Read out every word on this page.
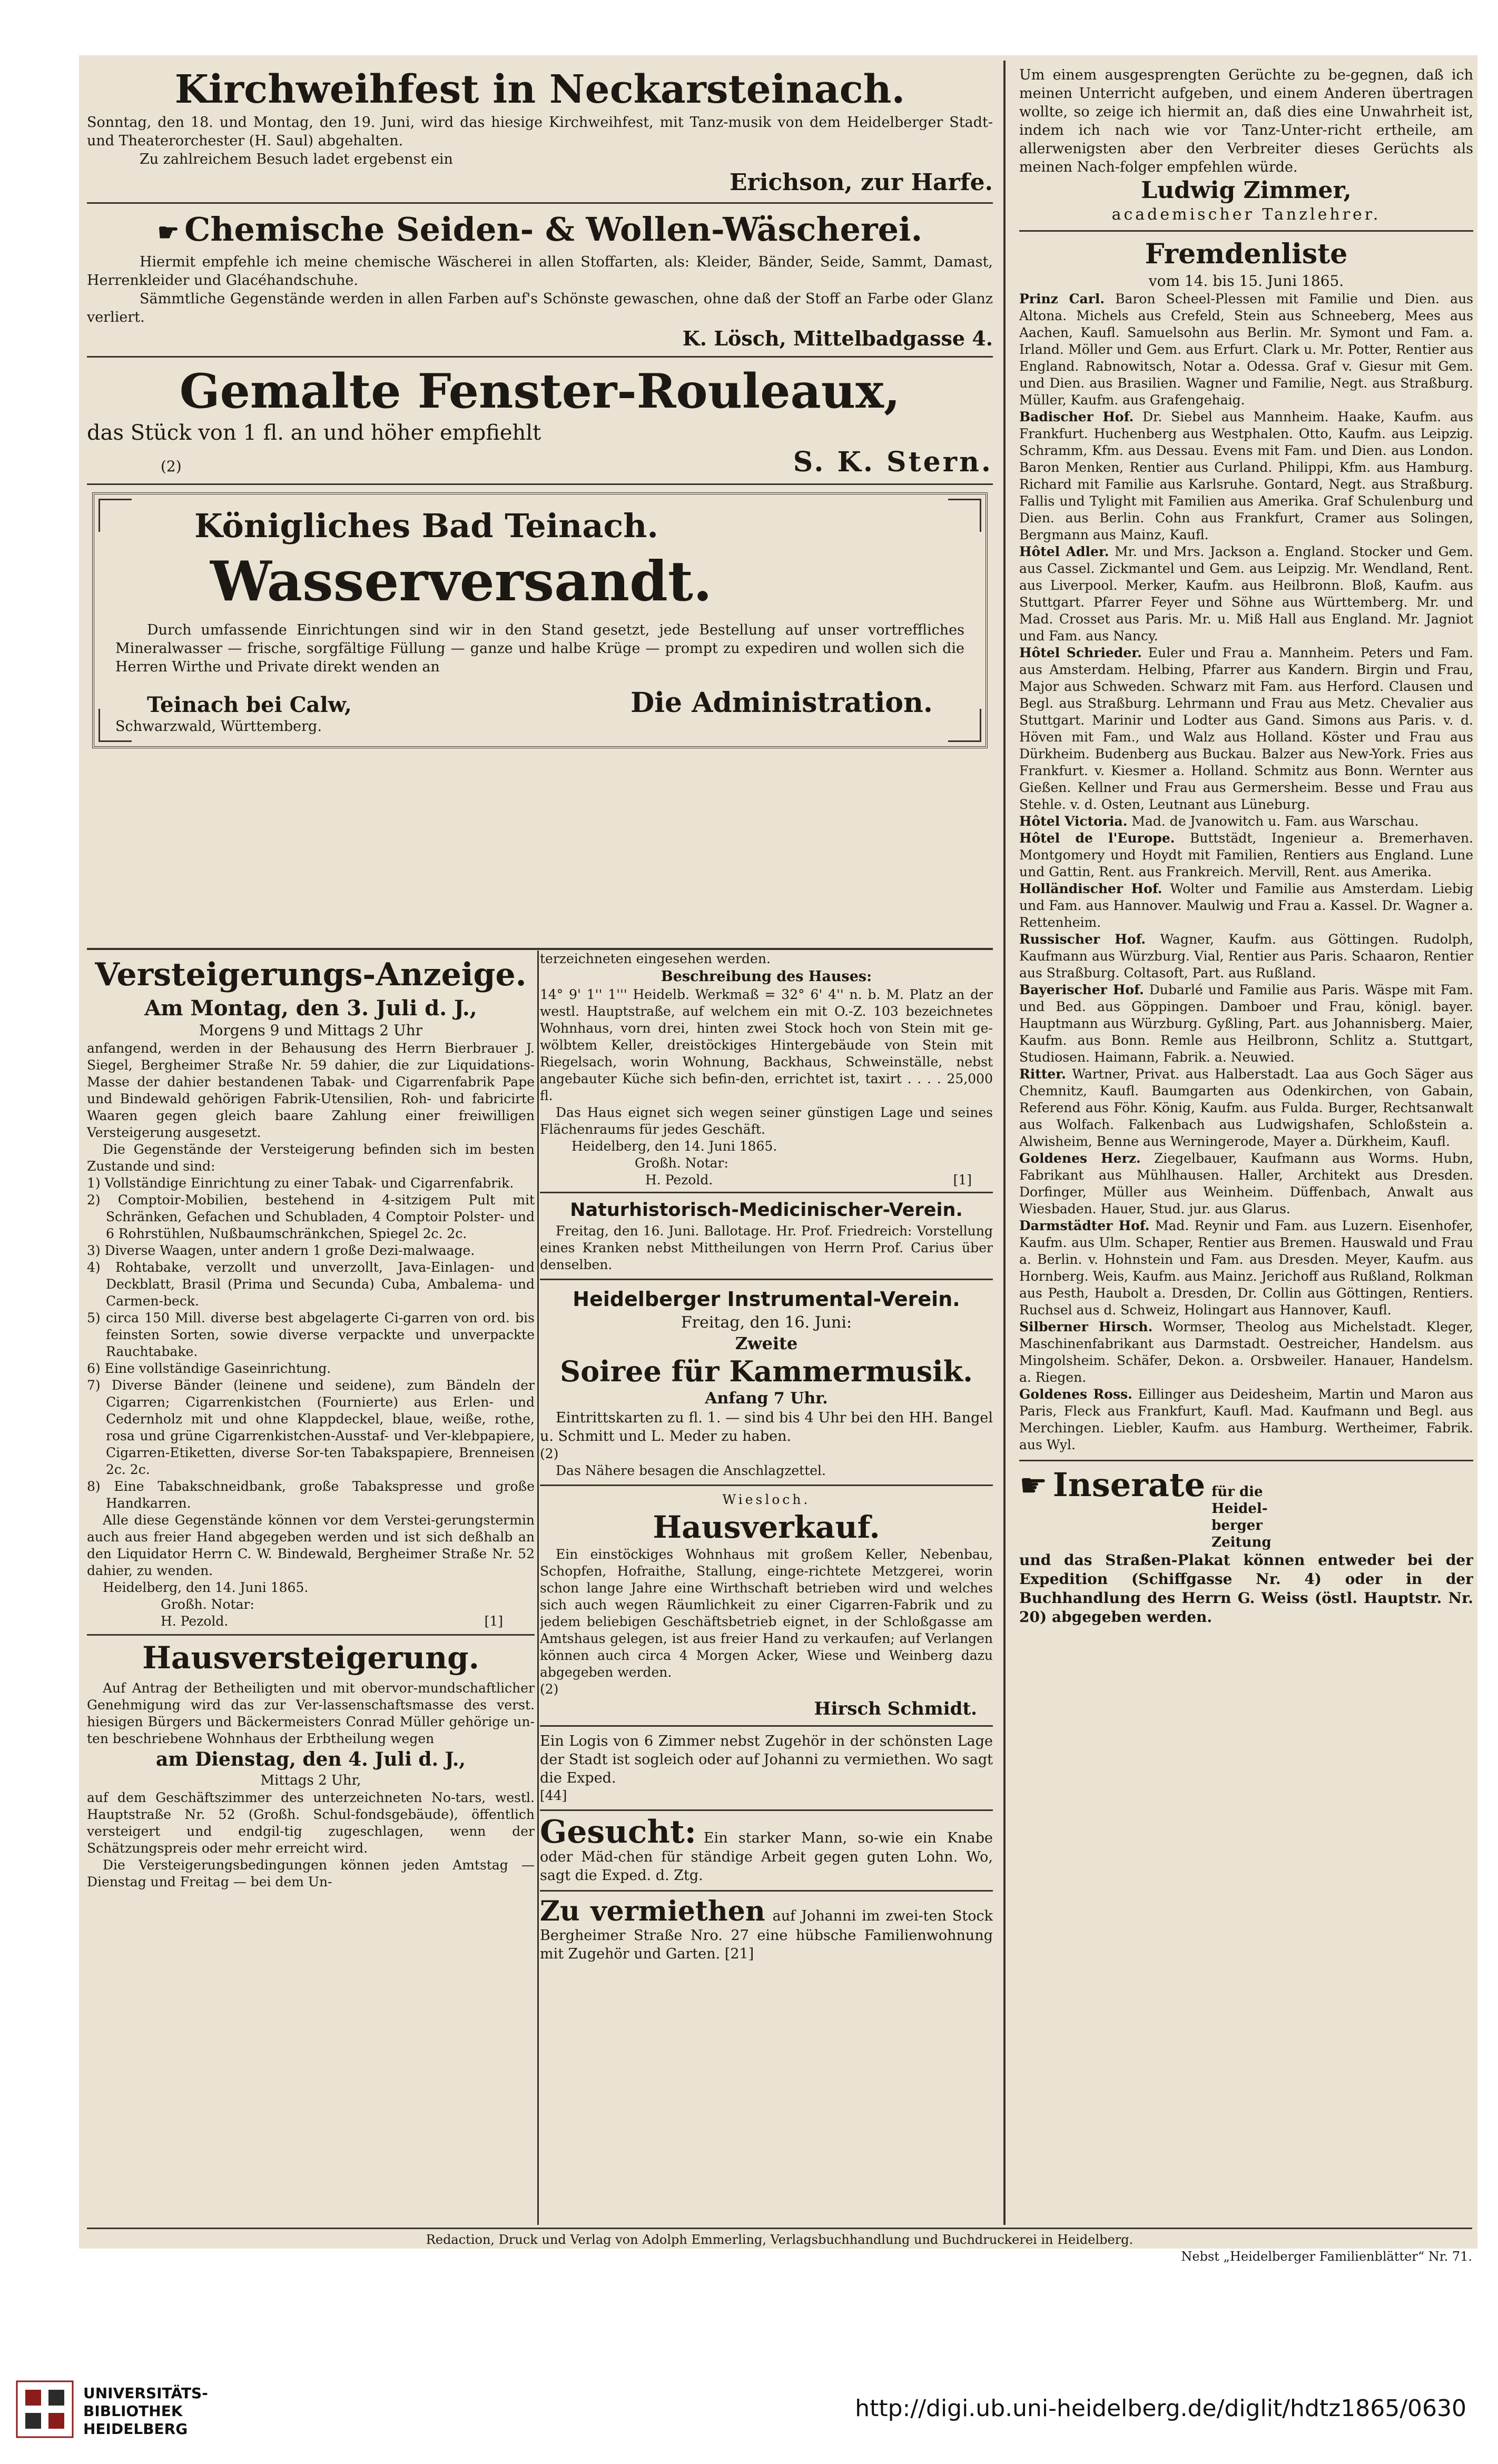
Kirchweihfest in Neckarsteinach.

Sonntag, den 18. und Montag, den 19. Juni, wird das hiesige Kirchweihfest, mit Tanz-musik von dem Heidelberger Stadt- und Theaterorchester (H. Saul) abgehalten.

Zu zahlreichem Besuch ladet ergebenst ein

Erichson, zur Harfe.

☛ Chemische Seiden- & Wollen-Wäscherei.

Hiermit empfehle ich meine chemische Wäscherei in allen Stoffarten, als: Kleider, Bänder, Seide, Sammt, Damast, Herrenkleider und Glacéhandschuhe.

Sämmtliche Gegenstände werden in allen Farben auf's Schönste gewaschen, ohne daß der Stoff an Farbe oder Glanz verliert.

K. Lösch, Mittelbadgasse 4.

Gemalte Fenster-Rouleaux,

das Stück von 1 fl. an und höher empfiehlt

(2)	S. K. Stern.
Königliches Bad Teinach.
Wasserversandt.

Durch umfassende Einrichtungen sind wir in den Stand gesetzt, jede Bestellung auf unser vortreffliches Mineralwasser — frische, sorgfältige Füllung — ganze und halbe Krüge — prompt zu expediren und wollen sich die Herren Wirthe und Private direkt wenden an

Teinach bei Calw,

Schwarzwald, Württemberg.

Die Administration.
Versteigerungs-Anzeige.

Am Montag, den 3. Juli d. J.,

Morgens 9 und Mittags 2 Uhr

anfangend, werden in der Behausung des Herrn Bierbrauer J. Siegel, Bergheimer Straße Nr. 59 dahier, die zur Liquidations-Masse der dahier bestandenen Tabak- und Cigarrenfabrik Pape und Bindewald gehörigen Fabrik-Utensilien, Roh- und fabricirte Waaren gegen gleich baare Zahlung einer freiwilligen Versteigerung ausgesetzt.

Die Gegenstände der Versteigerung befinden sich im besten Zustande und sind:

1) Vollständige Einrichtung zu einer Tabak- und Cigarrenfabrik.
2) Comptoir-Mobilien, bestehend in 4-sitzigem Pult mit Schränken, Gefachen und Schubladen, 4 Comptoir Polster- und 6 Rohrstühlen, Nußbaumschränkchen, Spiegel 2c. 2c.
3) Diverse Waagen, unter andern 1 große Dezi-malwaage.
4) Rohtabake, verzollt und unverzollt, Java-Einlagen- und Deckblatt, Brasil (Prima und Secunda) Cuba, Ambalema- und Carmen-beck.
5) circa 150 Mill. diverse best abgelagerte Ci-garren von ord. bis feinsten Sorten, sowie diverse verpackte und unverpackte Rauchtabake.
6) Eine vollständige Gaseinrichtung.
7) Diverse Bänder (leinene und seidene), zum Bändeln der Cigarren; Cigarrenkistchen (Fournierte) aus Erlen- und Cedernholz mit und ohne Klappdeckel, blaue, weiße, rothe, rosa und grüne Cigarrenkistchen-Ausstaf- und Ver-klebpapiere, Cigarren-Etiketten, diverse Sor-ten Tabakspapiere, Brenneisen 2c. 2c.
8) Eine Tabakschneidbank, große Tabakspresse und große Handkarren.

Alle diese Gegenstände können vor dem Verstei-gerungstermin auch aus freier Hand abgegeben werden und ist sich deßhalb an den Liquidator Herrn C. W. Bindewald, Bergheimer Straße Nr. 52 dahier, zu wenden.

Heidelberg, den 14. Juni 1865.

Großh. Notar:

H. Pezold.	[1]
Hausversteigerung.

Auf Antrag der Betheiligten und mit obervor-mundschaftlicher Genehmigung wird das zur Ver-lassenschaftsmasse des verst. hiesigen Bürgers und Bäckermeisters Conrad Müller gehörige un-ten beschriebene Wohnhaus der Erbtheilung wegen

am Dienstag, den 4. Juli d. J.,

Mittags 2 Uhr,

auf dem Geschäftszimmer des unterzeichneten No-tars, westl. Hauptstraße Nr. 52 (Großh. Schul-fondsgebäude), öffentlich versteigert und endgil-tig zugeschlagen, wenn der Schätzungspreis oder mehr erreicht wird.

Die Versteigerungsbedingungen können jeden Amtstag — Dienstag und Freitag — bei dem Un-

terzeichneten eingesehen werden.

Beschreibung des Hauses:

14° 9' 1'' 1''' Heidelb. Werkmaß = 32° 6' 4'' n. b. M. Platz an der westl. Hauptstraße, auf welchem ein mit O.-Z. 103 bezeichnetes Wohnhaus, vorn drei, hinten zwei Stock hoch von Stein mit ge-wölbtem Keller, dreistöckiges Hintergebäude von Stein mit Riegelsach, worin Wohnung, Backhaus, Schweinställe, nebst angebauter Küche sich befin-den, errichtet ist, taxirt . . . . 25,000 fl.

Das Haus eignet sich wegen seiner günstigen Lage und seines Flächenraums für jedes Geschäft.

Heidelberg, den 14. Juni 1865.

Großh. Notar:

H. Pezold.	[1]
Naturhistorisch-Medicinischer-Verein.

Freitag, den 16. Juni. Ballotage. Hr. Prof. Friedreich: Vorstellung eines Kranken nebst Mittheilungen von Herrn Prof. Carius über denselben.

Heidelberger Instrumental-Verein.

Freitag, den 16. Juni:

Zweite

Soiree für Kammermusik.

Anfang 7 Uhr.

Eintrittskarten zu fl. 1. — sind bis 4 Uhr bei den HH. Bangel u. Schmitt und L. Meder zu haben.

(2)

Das Nähere besagen die Anschlagzettel.

Wiesloch.

Hausverkauf.

Ein einstöckiges Wohnhaus mit großem Keller, Nebenbau, Schopfen, Hofraithe, Stallung, einge-richtete Metzgerei, worin schon lange Jahre eine Wirthschaft betrieben wird und welches sich auch wegen Räumlichkeit zu einer Cigarren-Fabrik und zu jedem beliebigen Geschäftsbetrieb eignet, in der Schloßgasse am Amtshaus gelegen, ist aus freier Hand zu verkaufen; auf Verlangen können auch circa 4 Morgen Acker, Wiese und Weinberg dazu abgegeben werden.

(2)

Hirsch Schmidt.

Ein Logis von 6 Zimmer nebst Zugehör in der schönsten Lage der Stadt ist sogleich oder auf Johanni zu vermiethen. Wo sagt die Exped.

[44]

Gesucht: Ein starker Mann, so-wie ein Knabe oder Mäd-chen für ständige Arbeit gegen guten Lohn. Wo, sagt die Exped. d. Ztg.

Zu vermiethen auf Johanni im zwei-ten Stock Bergheimer Straße Nro. 27 eine hübsche Familienwohnung mit Zugehör und Garten. [21]

Um einem ausgesprengten Gerüchte zu be-gegnen, daß ich meinen Unterricht aufgeben, und einem Anderen übertragen wollte, so zeige ich hiermit an, daß dies eine Unwahrheit ist, indem ich nach wie vor Tanz-Unter-richt ertheile, am allerwenigsten aber den Verbreiter dieses Gerüchts als meinen Nach-folger empfehlen würde.

Ludwig Zimmer,

academischer Tanzlehrer.

Fremdenliste

vom 14. bis 15. Juni 1865.

Prinz Carl. Baron Scheel-Plessen mit Familie und Dien. aus Altona. Michels aus Crefeld, Stein aus Schneeberg, Mees aus Aachen, Kaufl. Samuelsohn aus Berlin. Mr. Symont und Fam. a. Irland. Möller und Gem. aus Erfurt. Clark u. Mr. Potter, Rentier aus England. Rabnowitsch, Notar a. Odessa. Graf v. Giesur mit Gem. und Dien. aus Brasilien. Wagner und Familie, Negt. aus Straßburg. Müller, Kaufm. aus Grafengehaig.

Badischer Hof. Dr. Siebel aus Mannheim. Haake, Kaufm. aus Frankfurt. Huchenberg aus Westphalen. Otto, Kaufm. aus Leipzig. Schramm, Kfm. aus Dessau. Evens mit Fam. und Dien. aus London. Baron Menken, Rentier aus Curland. Philippi, Kfm. aus Hamburg. Richard mit Familie aus Karlsruhe. Gontard, Negt. aus Straßburg. Fallis und Tylight mit Familien aus Amerika. Graf Schulenburg und Dien. aus Berlin. Cohn aus Frankfurt, Cramer aus Solingen, Bergmann aus Mainz, Kaufl.

Hôtel Adler. Mr. und Mrs. Jackson a. England. Stocker und Gem. aus Cassel. Zickmantel und Gem. aus Leipzig. Mr. Wendland, Rent. aus Liverpool. Merker, Kaufm. aus Heilbronn. Bloß, Kaufm. aus Stuttgart. Pfarrer Feyer und Söhne aus Württemberg. Mr. und Mad. Crosset aus Paris. Mr. u. Miß Hall aus England. Mr. Jagniot und Fam. aus Nancy.

Hôtel Schrieder. Euler und Frau a. Mannheim. Peters und Fam. aus Amsterdam. Helbing, Pfarrer aus Kandern. Birgin und Frau, Major aus Schweden. Schwarz mit Fam. aus Herford. Clausen und Begl. aus Straßburg. Lehrmann und Frau aus Metz. Chevalier aus Stuttgart. Marinir und Lodter aus Gand. Simons aus Paris. v. d. Höven mit Fam., und Walz aus Holland. Köster und Frau aus Dürkheim. Budenberg aus Buckau. Balzer aus New-York. Fries aus Frankfurt. v. Kiesmer a. Holland. Schmitz aus Bonn. Wernter aus Gießen. Kellner und Frau aus Germersheim. Besse und Frau aus Stehle. v. d. Osten, Leutnant aus Lüneburg.

Hôtel Victoria. Mad. de Jvanowitch u. Fam. aus Warschau.

Hôtel de l'Europe. Buttstädt, Ingenieur a. Bremerhaven. Montgomery und Hoydt mit Familien, Rentiers aus England. Lune und Gattin, Rent. aus Frankreich. Mervill, Rent. aus Amerika.

Holländischer Hof. Wolter und Familie aus Amsterdam. Liebig und Fam. aus Hannover. Maulwig und Frau a. Kassel. Dr. Wagner a. Rettenheim.

Russischer Hof. Wagner, Kaufm. aus Göttingen. Rudolph, Kaufmann aus Würzburg. Vial, Rentier aus Paris. Schaaron, Rentier aus Straßburg. Coltasoft, Part. aus Rußland.

Bayerischer Hof. Dubarlé und Familie aus Paris. Wäspe mit Fam. und Bed. aus Göppingen. Damboer und Frau, königl. bayer. Hauptmann aus Würzburg. Gyßling, Part. aus Johannisberg. Maier, Kaufm. aus Bonn. Remle aus Heilbronn, Schlitz a. Stuttgart, Studiosen. Haimann, Fabrik. a. Neuwied.

Ritter. Wartner, Privat. aus Halberstadt. Laa aus Goch Säger aus Chemnitz, Kaufl. Baumgarten aus Odenkirchen, von Gabain, Referend aus Föhr. König, Kaufm. aus Fulda. Burger, Rechtsanwalt aus Wolfach. Falkenbach aus Ludwigshafen, Schloßstein a. Alwisheim, Benne aus Werningerode, Mayer a. Dürkheim, Kaufl.

Goldenes Herz. Ziegelbauer, Kaufmann aus Worms. Hubn, Fabrikant aus Mühlhausen. Haller, Architekt aus Dresden. Dorfinger, Müller aus Weinheim. Düffenbach, Anwalt aus Wiesbaden. Hauer, Stud. jur. aus Glarus.

Darmstädter Hof. Mad. Reynir und Fam. aus Luzern. Eisenhofer, Kaufm. aus Ulm. Schaper, Rentier aus Bremen. Hauswald und Frau a. Berlin. v. Hohnstein und Fam. aus Dresden. Meyer, Kaufm. aus Hornberg. Weis, Kaufm. aus Mainz. Jerichoff aus Rußland, Rolkman aus Pesth, Haubolt a. Dresden, Dr. Collin aus Göttingen, Rentiers. Ruchsel aus d. Schweiz, Holingart aus Hannover, Kaufl.

Silberner Hirsch. Wormser, Theolog aus Michelstadt. Kleger, Maschinenfabrikant aus Darmstadt. Oestreicher, Handelsm. aus Mingolsheim. Schäfer, Dekon. a. Orsbweiler. Hanauer, Handelsm. a. Riegen.

Goldenes Ross. Eillinger aus Deidesheim, Martin und Maron aus Paris, Fleck aus Frankfurt, Kaufl. Mad. Kaufmann und Begl. aus Merchingen. Liebler, Kaufm. aus Hamburg. Wertheimer, Fabrik. aus Wyl.

☛ Inserate für die Heidel-berger Zeitung

und das Straßen-Plakat können entweder bei der Expedition (Schiffgasse Nr. 4) oder in der Buchhandlung des Herrn G. Weiss (östl. Hauptstr. Nr. 20) abgegeben werden.

Redaction, Druck und Verlag von Adolph Emmerling, Verlagsbuchhandlung und Buchdruckerei in Heidelberg.
Nebst „Heidelberger Familienblätter“ Nr. 71.
UNIVERSITÄTS-
BIBLIOTHEK
HEIDELBERG
http://digi.ub.uni-heidelberg.de/diglit/hdtz1865/0630
